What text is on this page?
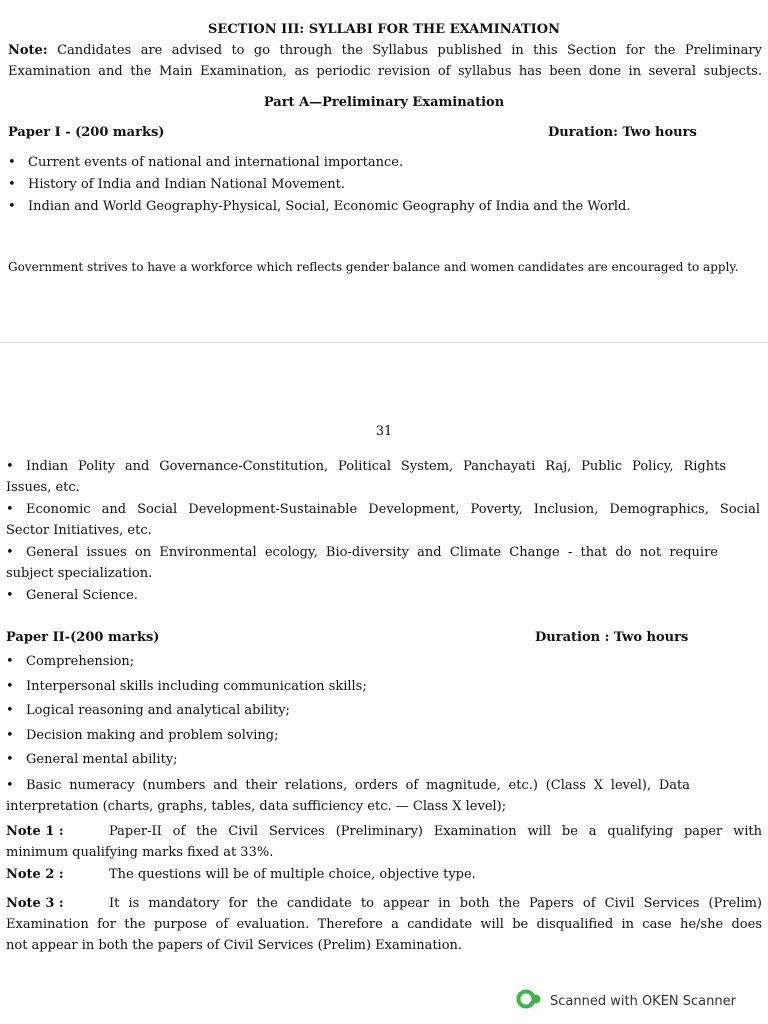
SECTION III: SYLLABI FOR THE EXAMINATION
Note: Candidates are advised to go through the Syllabus published in this Section for the Preliminary
Examination and the Main Examination, as periodic revision of syllabus has been done in several subjects.
Part A—Preliminary Examination
Paper I - (200 marks)	Duration: Two hours
• Current events of national and international importance.
• History of India and Indian National Movement.
• Indian and World Geography-Physical, Social, Economic Geography of India and the World.
Government strives to have a workforce which reflects gender balance and women candidates are encouraged to apply.
31
• Indian Polity and Governance-Constitution, Political System, Panchayati Raj, Public Policy, Rights
Issues, etc.
• Economic and Social Development-Sustainable Development, Poverty, Inclusion, Demographics, Social
Sector Initiatives, etc.
• General issues on Environmental ecology, Bio-diversity and Climate Change - that do not require
subject specialization.
• General Science.
Paper II-(200 marks)	Duration : Two hours
• Comprehension;
• Interpersonal skills including communication skills;
• Logical reasoning and analytical ability;
• Decision making and problem solving;
• General mental ability;
• Basic numeracy (numbers and their relations, orders of magnitude, etc.) (Class X level), Data
interpretation (charts, graphs, tables, data sufficiency etc. — Class X level);
Note 1 :	Paper-II of the Civil Services (Preliminary) Examination will be a qualifying paper with
minimum qualifying marks fixed at 33%.
Note 2 :	The questions will be of multiple choice, objective type.
Note 3 :	It is mandatory for the candidate to appear in both the Papers of Civil Services (Prelim)
Examination for the purpose of evaluation. Therefore a candidate will be disqualified in case he/she does
not appear in both the papers of Civil Services (Prelim) Examination.
Scanned with OKEN Scanner
